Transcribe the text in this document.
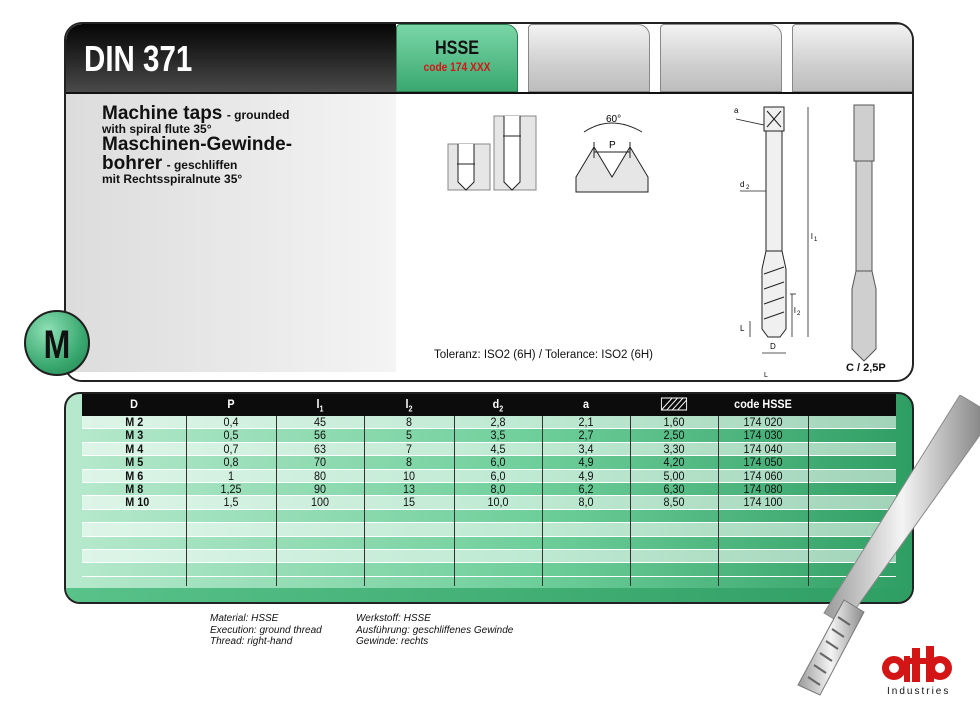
DIN 371	HSSE
code 174 XXX
Machine taps - grounded
with spiral flute 35°
Maschinen-Gewinde-
bohrer - geschliffen
mit Rechtsspiralnute 35°
60°
P
a
d 2
l 1
l 2
L
D
L
Toleranz: ISO2 (6H) / Tolerance: ISO2 (6H)
C / 2,5P
M
D	P	$l_1$	$l_2$	$d_2$	a	code HSSE
M 2	0,4	45	8	2,8	2,1	1,60	174 020
M 3	0,5	56	5	3,5	2,7	2,50	174 030
M 4	0,7	63	7	4,5	3,4	3,30	174 040
M 5	0,8	70	8	6,0	4,9	4,20	174 050
M 6	1	80	10	6,0	4,9	5,00	174 060
M 8	1,25	90	13	8,0	6,2	6,30	174 080
M 10	1,5	100	15	10,0	8,0	8,50	174 100
Material: HSSE
Execution: ground thread
Thread: right-hand
Werkstoff: HSSE
Ausführung: geschliffenes Gewinde
Gewinde: rechts
Industries
